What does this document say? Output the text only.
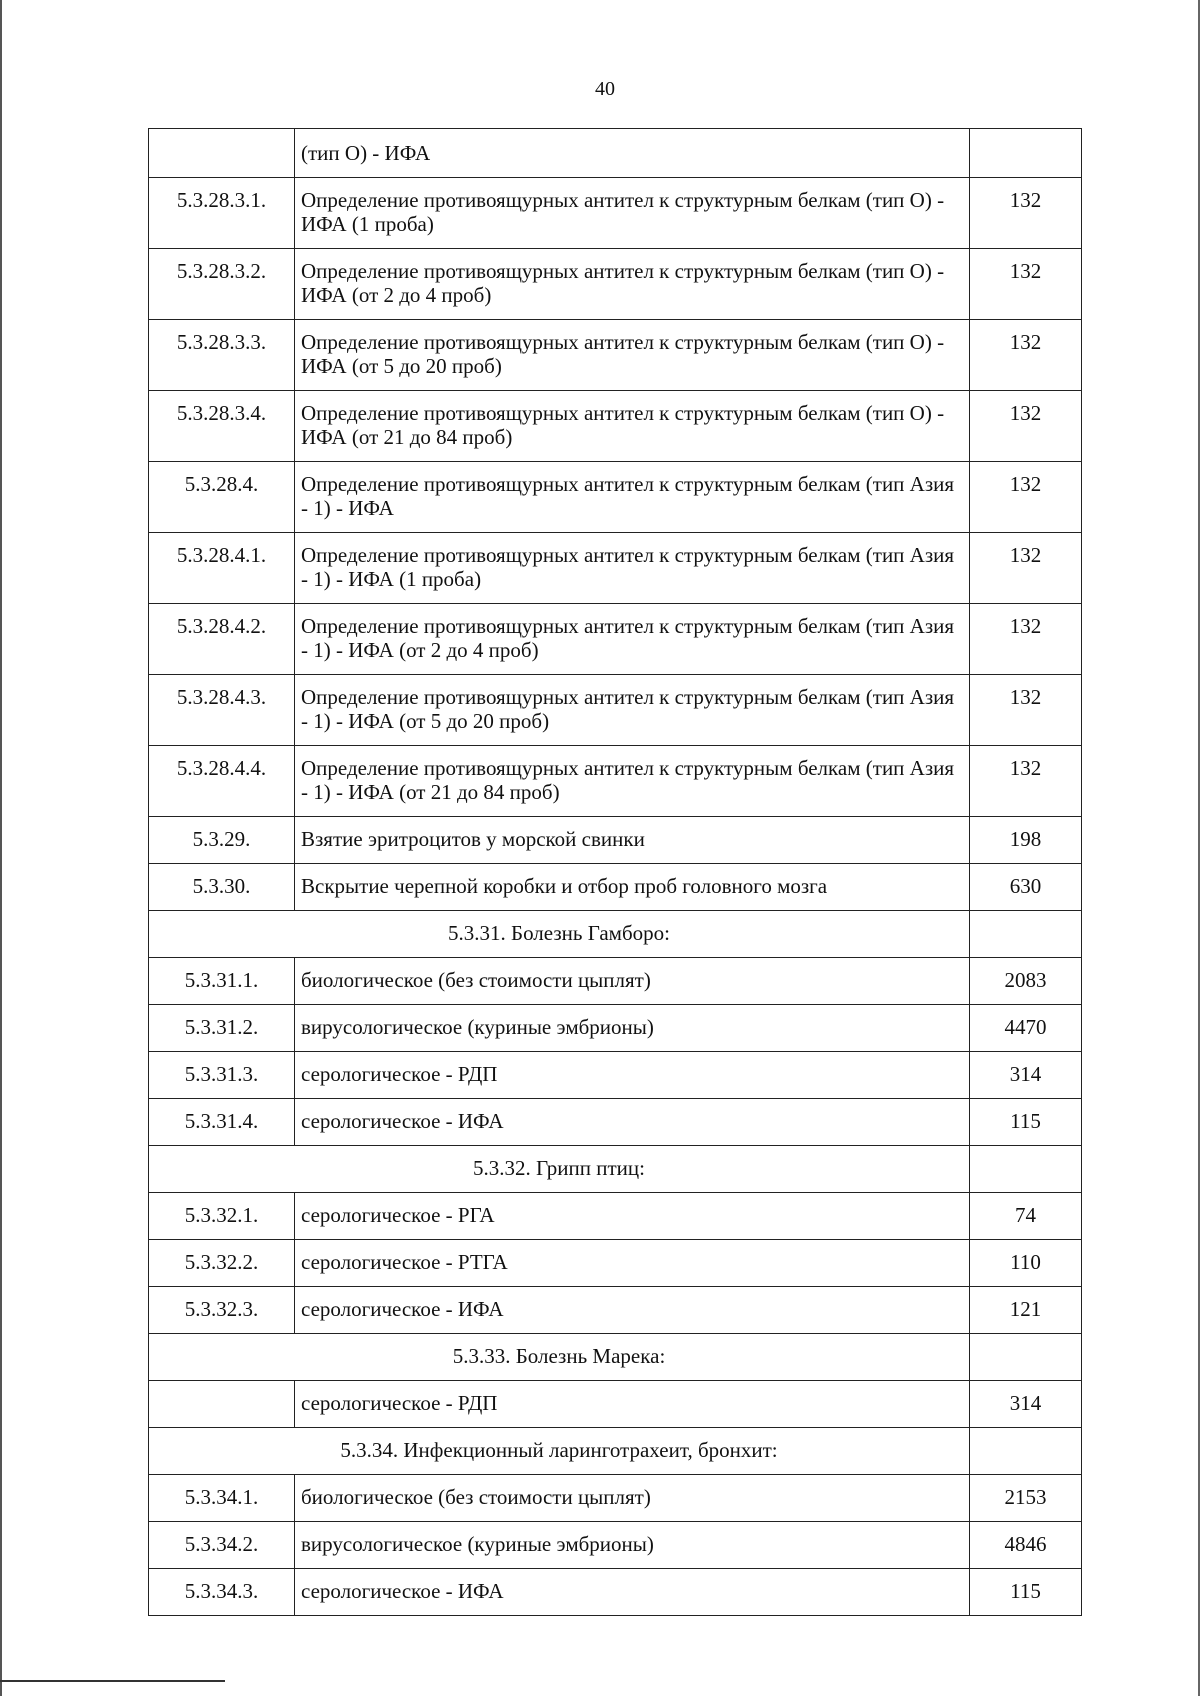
40
	(тип О) - ИФА	
5.3.28.3.1.	Определение противоящурных антител к структурным белкам (тип О) - ИФА (1 проба)	132
5.3.28.3.2.	Определение противоящурных антител к структурным белкам (тип О) - ИФА (от 2 до 4 проб)	132
5.3.28.3.3.	Определение противоящурных антител к структурным белкам (тип О) - ИФА (от 5 до 20 проб)	132
5.3.28.3.4.	Определение противоящурных антител к структурным белкам (тип О) - ИФА (от 21 до 84 проб)	132
5.3.28.4.	Определение противоящурных антител к структурным белкам (тип Азия - 1) - ИФА	132
5.3.28.4.1.	Определение противоящурных антител к структурным белкам (тип Азия - 1) - ИФА (1 проба)	132
5.3.28.4.2.	Определение противоящурных антител к структурным белкам (тип Азия - 1) - ИФА (от 2 до 4 проб)	132
5.3.28.4.3.	Определение противоящурных антител к структурным белкам (тип Азия - 1) - ИФА (от 5 до 20 проб)	132
5.3.28.4.4.	Определение противоящурных антител к структурным белкам (тип Азия - 1) - ИФА (от 21 до 84 проб)	132
5.3.29.	Взятие эритроцитов у морской свинки	198
5.3.30.	Вскрытие черепной коробки и отбор проб головного мозга	630
5.3.31. Болезнь Гамборо:		
5.3.31.1.	биологическое (без стоимости цыплят)	2083
5.3.31.2.	вирусологическое (куриные эмбрионы)	4470
5.3.31.3.	серологическое - РДП	314
5.3.31.4.	серологическое - ИФА	115
5.3.32. Грипп птиц:		
5.3.32.1.	серологическое - РГА	74
5.3.32.2.	серологическое - РТГА	110
5.3.32.3.	серологическое - ИФА	121
5.3.33. Болезнь Марека:		
	серологическое - РДП	314
5.3.34. Инфекционный ларинготрахеит, бронхит:		
5.3.34.1.	биологическое (без стоимости цыплят)	2153
5.3.34.2.	вирусологическое (куриные эмбрионы)	4846
5.3.34.3.	серологическое - ИФА	115
